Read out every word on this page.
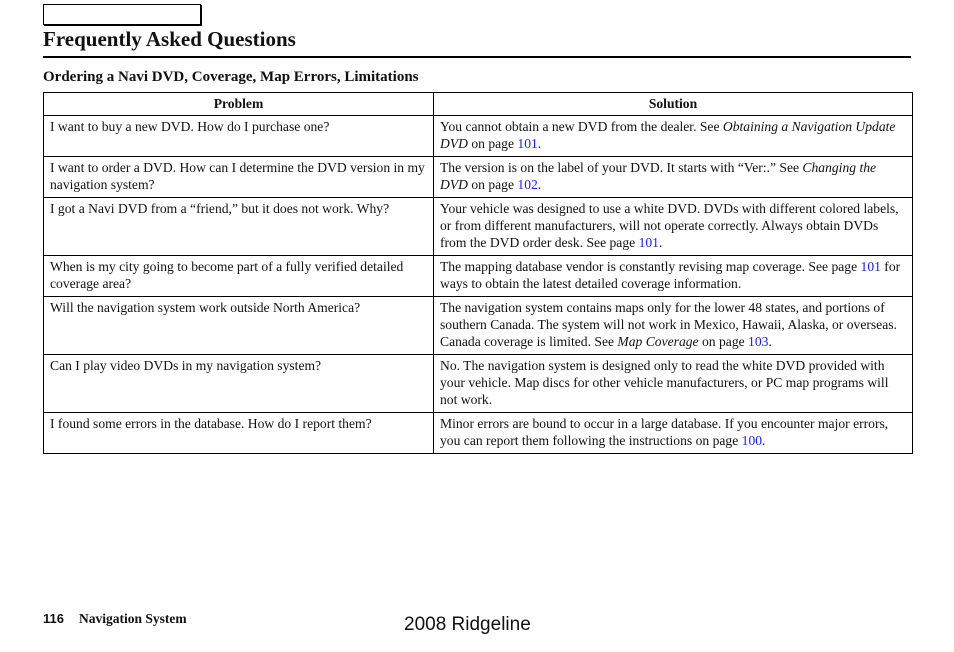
Frequently Asked Questions
Ordering a Navi DVD, Coverage, Map Errors, Limitations
Problem	Solution
I want to buy a new DVD. How do I purchase one?	You cannot obtain a new DVD from the dealer. See Obtaining a Navigation Update DVD on page 101.
I want to order a DVD. How can I determine the DVD version in my navigation system?	The version is on the label of your DVD. It starts with “Ver:.” See Changing the DVD on page 102.
I got a Navi DVD from a “friend,” but it does not work. Why?	Your vehicle was designed to use a white DVD. DVDs with different colored labels, or from different manufacturers, will not operate correctly. Always obtain DVDs from the DVD order desk. See page 101.
When is my city going to become part of a fully verified detailed coverage area?	The mapping database vendor is constantly revising map coverage. See page 101 for ways to obtain the latest detailed coverage information.
Will the navigation system work outside North America?	The navigation system contains maps only for the lower 48 states, and portions of southern Canada. The system will not work in Mexico, Hawaii, Alaska, or overseas. Canada coverage is limited. See Map Coverage on page 103.
Can I play video DVDs in my navigation system?	No. The navigation system is designed only to read the white DVD provided with your vehicle. Map discs for other vehicle manufacturers, or PC map programs will not work.
I found some errors in the database. How do I report them?	Minor errors are bound to occur in a large database. If you encounter major errors, you can report them following the instructions on page 100.
116 Navigation System	2008 Ridgeline
